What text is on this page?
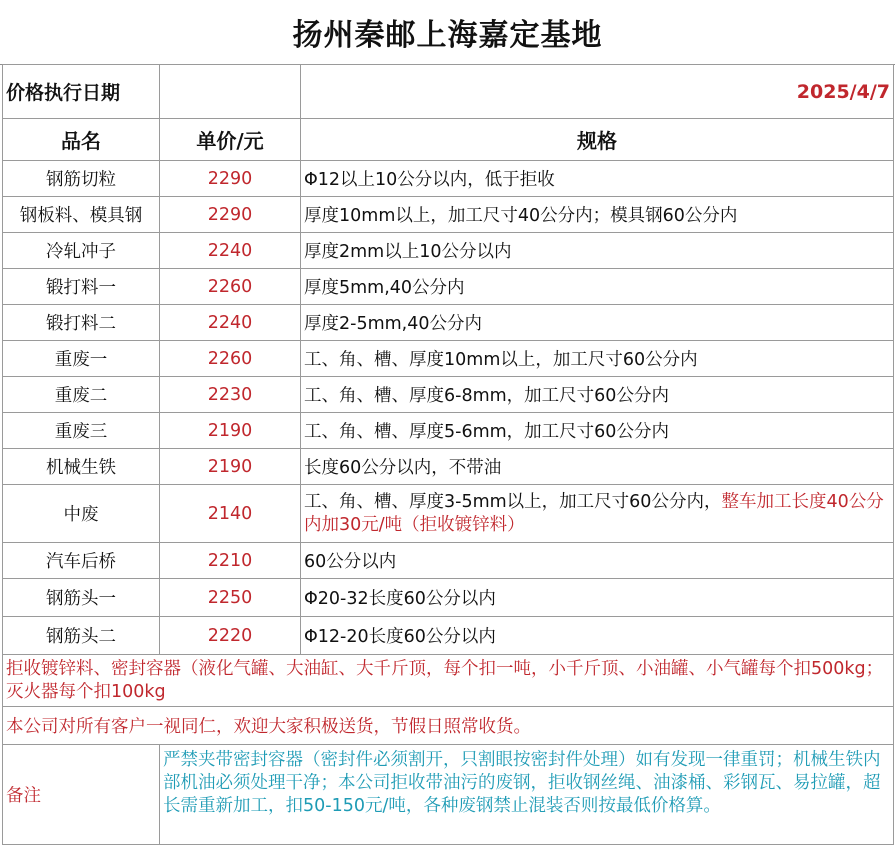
扬州秦邮上海嘉定基地
价格执行日期		2025/4/7
品名	单价/元	规格
钢筋切粒	2290	Φ12以上10公分以内，低于拒收
钢板料、模具钢	2290	厚度10mm以上，加工尺寸40公分内；模具钢60公分内
冷轧冲子	2240	厚度2mm以上10公分以内
锻打料一	2260	厚度5mm,40公分内
锻打料二	2240	厚度2-5mm,40公分内
重废一	2260	工、角、槽、厚度10mm以上，加工尺寸60公分内
重废二	2230	工、角、槽、厚度6-8mm，加工尺寸60公分内
重废三	2190	工、角、槽、厚度5-6mm，加工尺寸60公分内
机械生铁	2190	长度60公分以内，不带油
中废	2140	工、角、槽、厚度3-5mm以上，加工尺寸60公分内，整车加工长度40公分内加30元/吨（拒收镀锌料）
汽车后桥	2210	60公分以内
钢筋头一	2250	Φ20-32长度60公分以内
钢筋头二	2220	Φ12-20长度60公分以内
拒收镀锌料、密封容器（液化气罐、大油缸、大千斤顶，每个扣一吨，小千斤顶、小油罐、小气罐每个扣500kg；灭火器每个扣100kg		
本公司对所有客户一视同仁，欢迎大家积极送货，节假日照常收货。		
备注	严禁夹带密封容器（密封件必须割开，只割眼按密封件处理）如有发现一律重罚；机械生铁内部机油必须处理干净；本公司拒收带油污的废钢，拒收钢丝绳、油漆桶、彩钢瓦、易拉罐，超长需重新加工，扣50-150元/吨，各种废钢禁止混装否则按最低价格算。	
